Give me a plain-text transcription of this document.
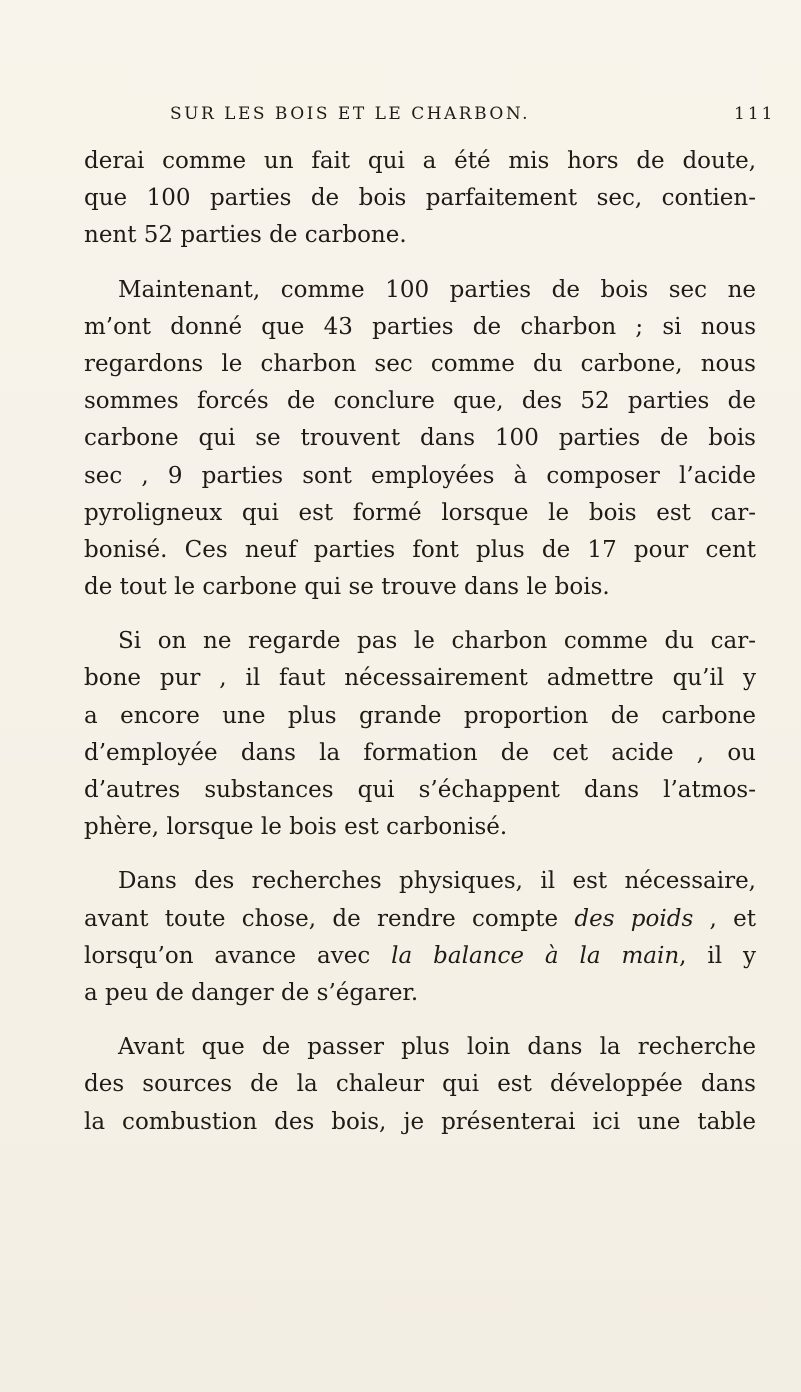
SUR LES BOIS ET LE CHARBON.	111

derai comme un fait qui a été mis hors de doute,
que 100 parties de bois parfaitement sec, contien-
nent 52 parties de carbone.

Maintenant, comme 100 parties de bois sec ne
m’ont donné que 43 parties de charbon ; si nous
regardons le charbon sec comme du carbone, nous
sommes forcés de conclure que, des 52 parties de
carbone qui se trouvent dans 100 parties de bois
sec , 9 parties sont employées à composer l’acide
pyroligneux qui est formé lorsque le bois est car-
bonisé. Ces neuf parties font plus de 17 pour cent
de tout le carbone qui se trouve dans le bois.

Si on ne regarde pas le charbon comme du car-
bone pur , il faut nécessairement admettre qu’il y
a encore une plus grande proportion de carbone
d’employée dans la formation de cet acide , ou
d’autres substances qui s’échappent dans l’atmos-
phère, lorsque le bois est carbonisé.

Dans des recherches physiques, il est nécessaire,
avant toute chose, de rendre compte des poids , et
lorsqu’on avance avec la balance à la main, il y
a peu de danger de s’égarer.

Avant que de passer plus loin dans la recherche
des sources de la chaleur qui est développée dans
la combustion des bois, je présenterai ici une table
